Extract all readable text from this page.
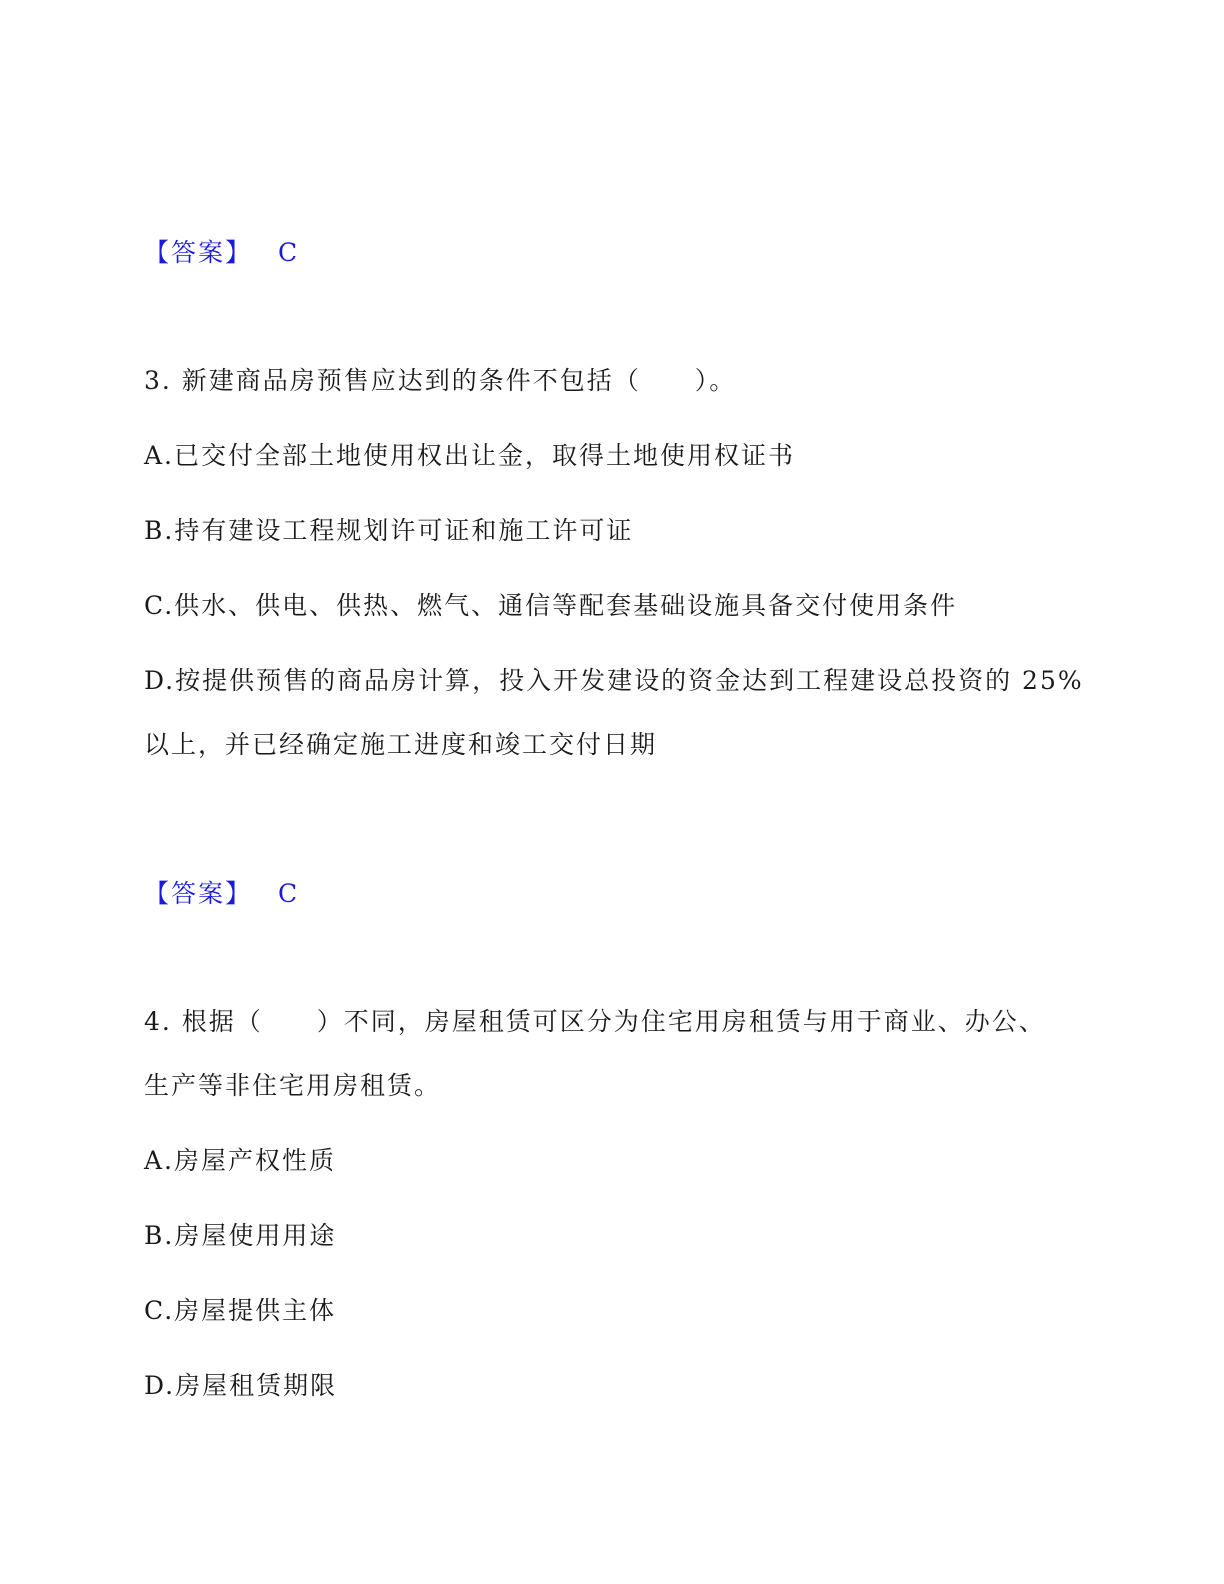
【答案】 C
3. 新建商品房预售应达到的条件不包括（　　）。
A.已交付全部土地使用权出让金，取得土地使用权证书
B.持有建设工程规划许可证和施工许可证
C.供水、供电、供热、燃气、通信等配套基础设施具备交付使用条件
D.按提供预售的商品房计算，投入开发建设的资金达到工程建设总投资的 25%
以上，并已经确定施工进度和竣工交付日期
【答案】 C
4. 根据（　　）不同，房屋租赁可区分为住宅用房租赁与用于商业、办公、
生产等非住宅用房租赁。
A.房屋产权性质
B.房屋使用用途
C.房屋提供主体
D.房屋租赁期限
